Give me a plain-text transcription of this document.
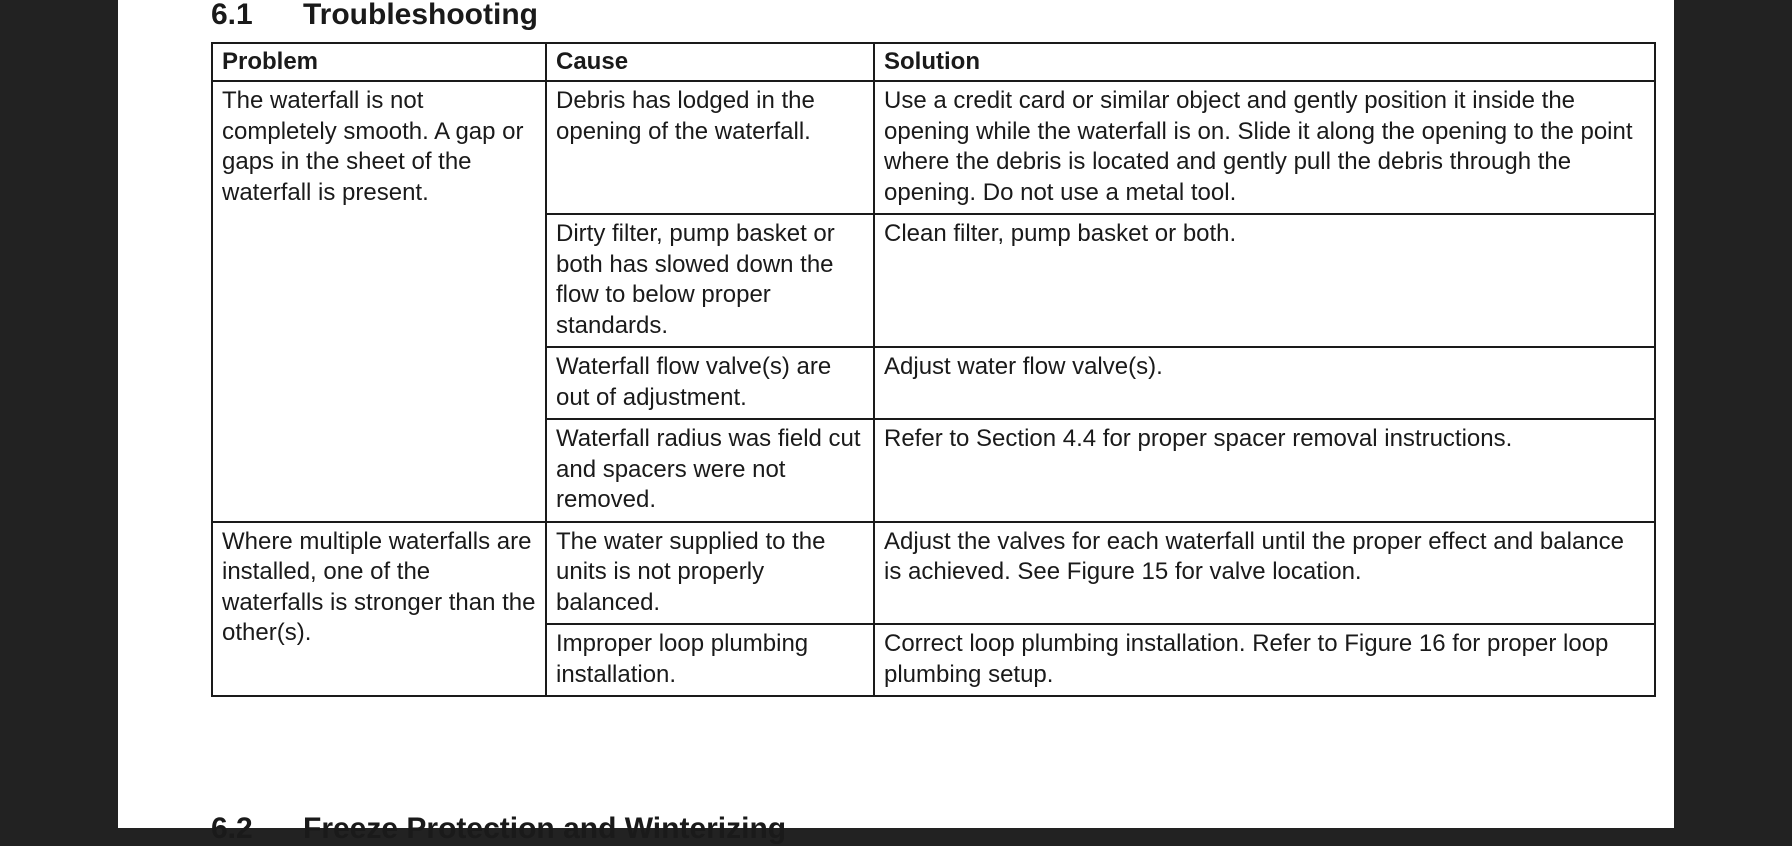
6.1 Troubleshooting
Problem	Cause	Solution
The waterfall is not completely smooth. A gap or gaps in the sheet of the waterfall is present.	Debris has lodged in the opening of the waterfall.	Use a credit card or similar object and gently position it inside the opening while the waterfall is on. Slide it along the opening to the point where the debris is located and gently pull the debris through the opening. Do not use a metal tool.
	Dirty filter, pump basket or both has slowed down the flow to below proper standards.	Clean filter, pump basket or both.
	Waterfall flow valve(s) are out of adjustment.	Adjust water flow valve(s).
	Waterfall radius was field cut and spacers were not removed.	Refer to Section 4.4 for proper spacer removal instructions.
Where multiple waterfalls are installed, one of the waterfalls is stronger than the other(s).	The water supplied to the units is not properly balanced.	Adjust the valves for each waterfall until the proper effect and balance is achieved. See Figure 15 for valve location.
	Improper loop plumbing installation.	Correct loop plumbing installation. Refer to Figure 16 for proper loop plumbing setup.
6.2 Freeze Protection and Winterizing
